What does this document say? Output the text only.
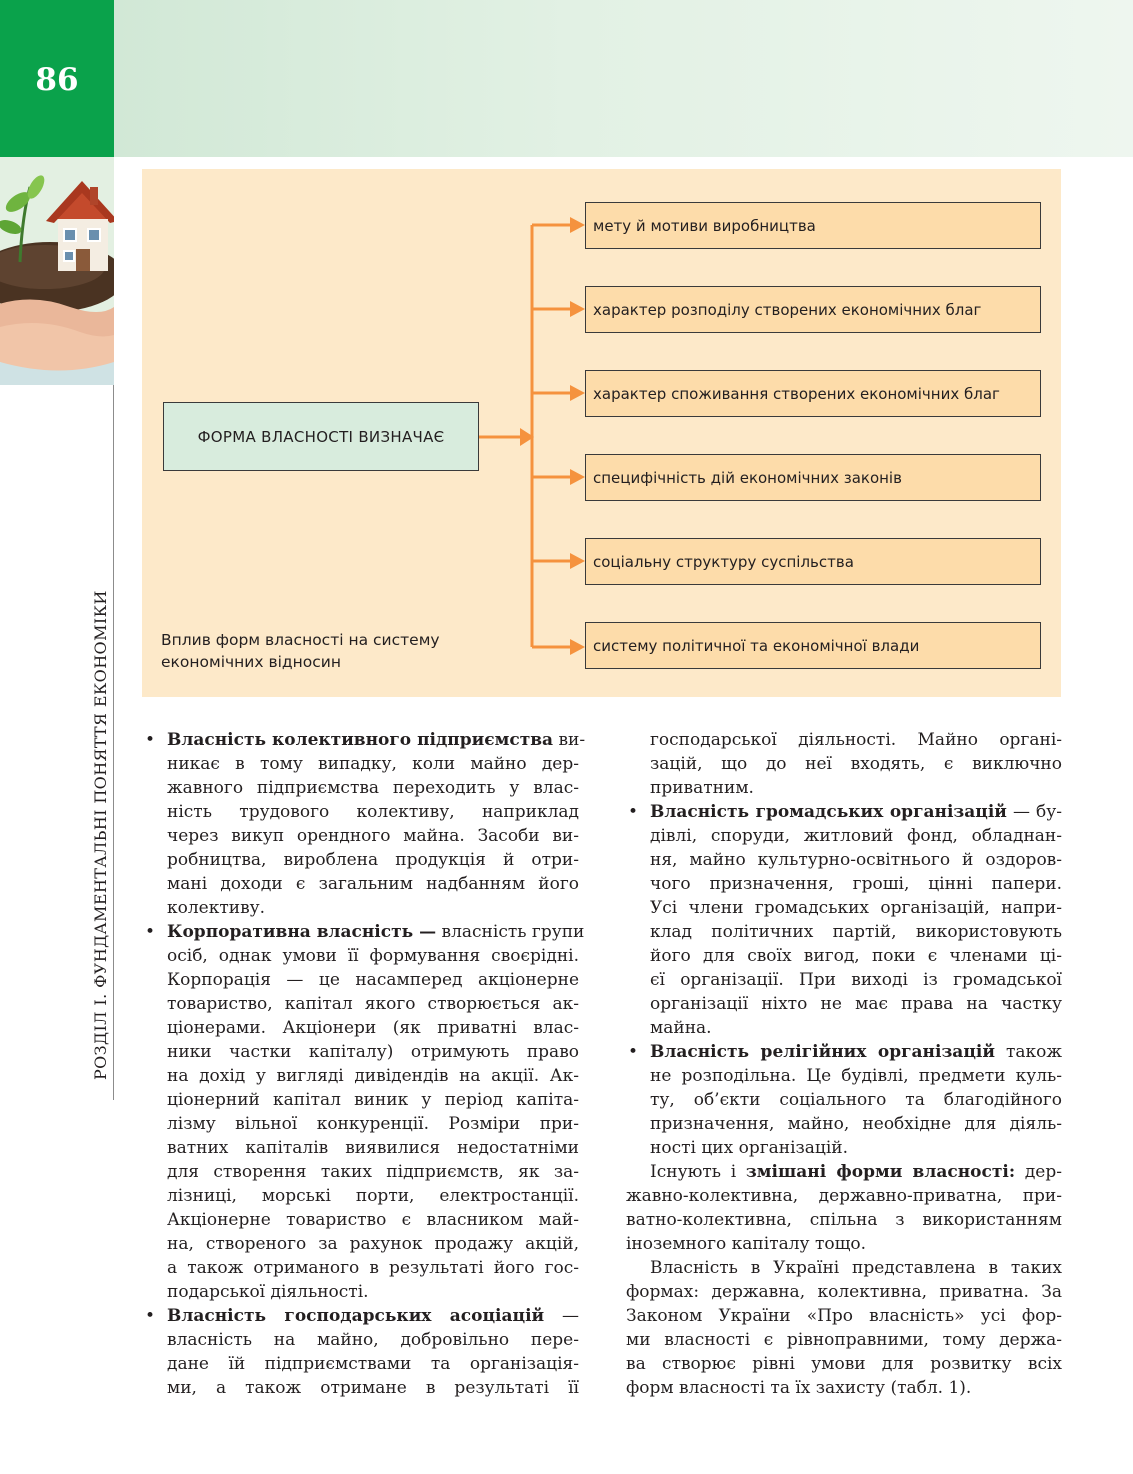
86
РОЗДІЛ І. ФУНДАМЕНТАЛЬНІ ПОНЯТТЯ ЕКОНОМІКИ
ФОРМА ВЛАСНОСТІ ВИЗНАЧАЄ
мету й мотиви виробництва
характер розподілу створених економічних благ
характер споживання створених економічних благ
специфічність дій економічних законів
соціальну структуру суспільства
систему політичної та економічної влади
Вплив форм власності на систему
економічних відносин
• Власність колективного підприємства ви-
никає в тому випадку, коли майно дер-
жавного підприємства переходить у влас-
ність трудового колективу, наприклад
через викуп орендного майна. Засоби ви-
робництва, вироблена продукція й отри-
мані доходи є загальним надбанням його
колективу.
• Корпоративна власність — власність групи
осіб, однак умови її формування своєрідні.
Корпорація — це насамперед акціонерне
товариство, капітал якого створюється ак-
ціонерами. Акціонери (як приватні влас-
ники частки капіталу) отримують право
на дохід у вигляді дивідендів на акції. Ак-
ціонерний капітал виник у період капіта-
лізму вільної конкуренції. Розміри при-
ватних капіталів виявилися недостатніми
для створення таких підприємств, як за-
лізниці, морські порти, електростанції.
Акціонерне товариство є власником май-
на, створеного за рахунок продажу акцій,
а також отриманого в результаті його гос-
подарської діяльності.
• Власність господарських асоціацій —
власність на майно, добровільно пере-
дане їй підприємствами та організація-
ми, а також отримане в результаті її
господарської діяльності. Майно органі-
зацій, що до неї входять, є виключно
приватним.
• Власність громадських організацій — бу-
дівлі, споруди, житловий фонд, обладнан-
ня, майно культурно-освітнього й оздоров-
чого призначення, гроші, цінні папери.
Усі члени громадських організацій, напри-
клад політичних партій, використовують
його для своїх вигод, поки є членами ці-
єї організації. При виході із громадської
організації ніхто не має права на частку
майна.
• Власність релігійних організацій також
не розподільна. Це будівлі, предмети куль-
ту, об’єкти соціального та благодійного
призначення, майно, необхідне для діяль-
ності цих організацій.
Існують і змішані форми власності: дер-
жавно-колективна, державно-приватна, при-
ватно-колективна, спільна з використанням
іноземного капіталу тощо.
Власність в Україні представлена в таких
формах: державна, колективна, приватна. За
Законом України «Про власність» усі фор-
ми власності є рівноправними, тому держа-
ва створює рівні умови для розвитку всіх
форм власності та їх захисту (табл. 1).
